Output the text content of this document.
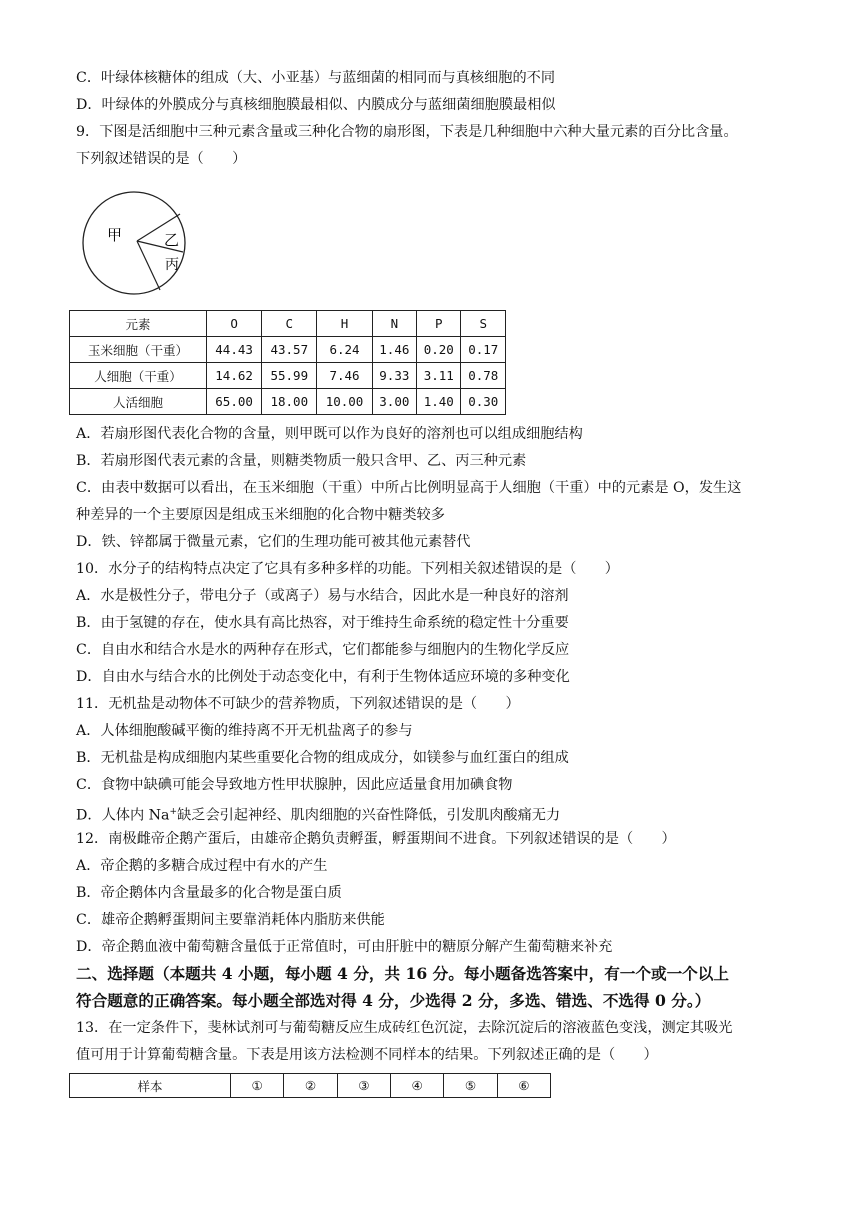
C．叶绿体核糖体的组成（大、小亚基）与蓝细菌的相同而与真核细胞的不同
D．叶绿体的外膜成分与真核细胞膜最相似、内膜成分与蓝细菌细胞膜最相似
9．下图是活细胞中三种元素含量或三种化合物的扇形图，下表是几种细胞中六种大量元素的百分比含量。
下列叙述错误的是（　　）
甲	乙
丙
元素	O	C	H	N	P	S
玉米细胞（干重）	44.43	43.57	6.24	1.46	0.20	0.17
人细胞（干重）	14.62	55.99	7.46	9.33	3.11	0.78
人活细胞	65.00	18.00	10.00	3.00	1.40	0.30
A．若扇形图代表化合物的含量，则甲既可以作为良好的溶剂也可以组成细胞结构
B．若扇形图代表元素的含量，则糖类物质一般只含甲、乙、丙三种元素
C．由表中数据可以看出，在玉米细胞（干重）中所占比例明显高于人细胞（干重）中的元素是 O，发生这
种差异的一个主要原因是组成玉米细胞的化合物中糖类较多
D．铁、锌都属于微量元素，它们的生理功能可被其他元素替代
10．水分子的结构特点决定了它具有多种多样的功能。下列相关叙述错误的是（　　）
A．水是极性分子，带电分子（或离子）易与水结合，因此水是一种良好的溶剂
B．由于氢键的存在，使水具有高比热容，对于维持生命系统的稳定性十分重要
C．自由水和结合水是水的两种存在形式，它们都能参与细胞内的生物化学反应
D．自由水与结合水的比例处于动态变化中，有利于生物体适应环境的多种变化
11．无机盐是动物体不可缺少的营养物质，下列叙述错误的是（　　）
A．人体细胞酸碱平衡的维持离不开无机盐离子的参与
B．无机盐是构成细胞内某些重要化合物的组成成分，如镁参与血红蛋白的组成
C．食物中缺碘可能会导致地方性甲状腺肿，因此应适量食用加碘食物
D．人体内 Na+缺乏会引起神经、肌肉细胞的兴奋性降低，引发肌肉酸痛无力
12．南极雌帝企鹅产蛋后，由雄帝企鹅负责孵蛋，孵蛋期间不进食。下列叙述错误的是（　　）
A．帝企鹅的多糖合成过程中有水的产生
B．帝企鹅体内含量最多的化合物是蛋白质
C．雄帝企鹅孵蛋期间主要靠消耗体内脂肪来供能
D．帝企鹅血液中葡萄糖含量低于正常值时，可由肝脏中的糖原分解产生葡萄糖来补充
二、选择题（本题共 4 小题，每小题 4 分，共 16 分。每小题备选答案中，有一个或一个以上
符合题意的正确答案。每小题全部选对得 4 分，少选得 2 分，多选、错选、不选得 0 分。）
13．在一定条件下，斐林试剂可与葡萄糖反应生成砖红色沉淀，去除沉淀后的溶液蓝色变浅，测定其吸光
值可用于计算葡萄糖含量。下表是用该方法检测不同样本的结果。下列叙述正确的是（　　）
样本	①	②	③	④	⑤	⑥
